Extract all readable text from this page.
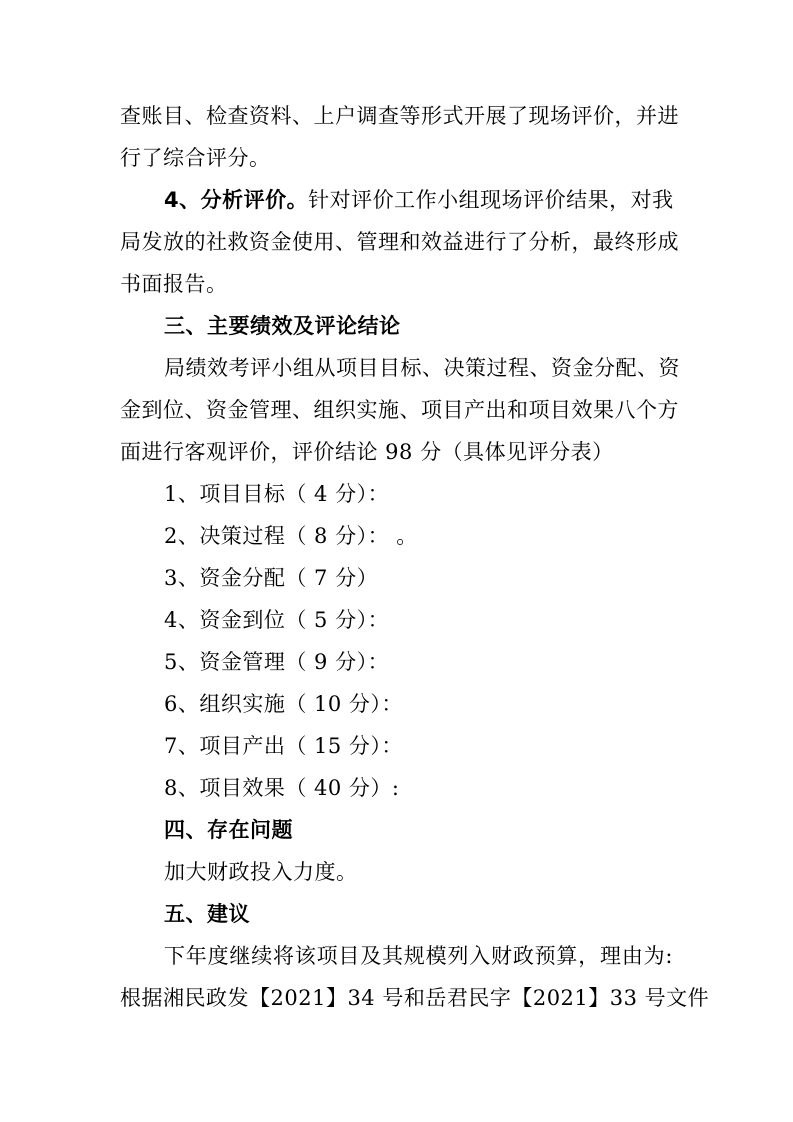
查账目、检查资料、上户调查等形式开展了现场评价，并进
行了综合评分。
4、分析评价。针对评价工作小组现场评价结果，对我
局发放的社救资金使用、管理和效益进行了分析，最终形成
书面报告。
三、主要绩效及评论结论
局绩效考评小组从项目目标、决策过程、资金分配、资
金到位、资金管理、组织实施、项目产出和项目效果八个方
面进行客观评价，评价结论 98 分（具体见评分表）
1、项目目标（ 4 分）：
2、决策过程（ 8 分）： 。
3、资金分配（ 7 分）
4、资金到位（ 5 分）：
5、资金管理（ 9 分）：
6、组织实施（ 10 分）：
7、项目产出（ 15 分）：
8、项目效果（ 40 分）:
四、存在问题
加大财政投入力度。
五、建议
下年度继续将该项目及其规模列入财政预算，理由为:
根据湘民政发【2021】34 号和岳君民字【2021】33 号文件
